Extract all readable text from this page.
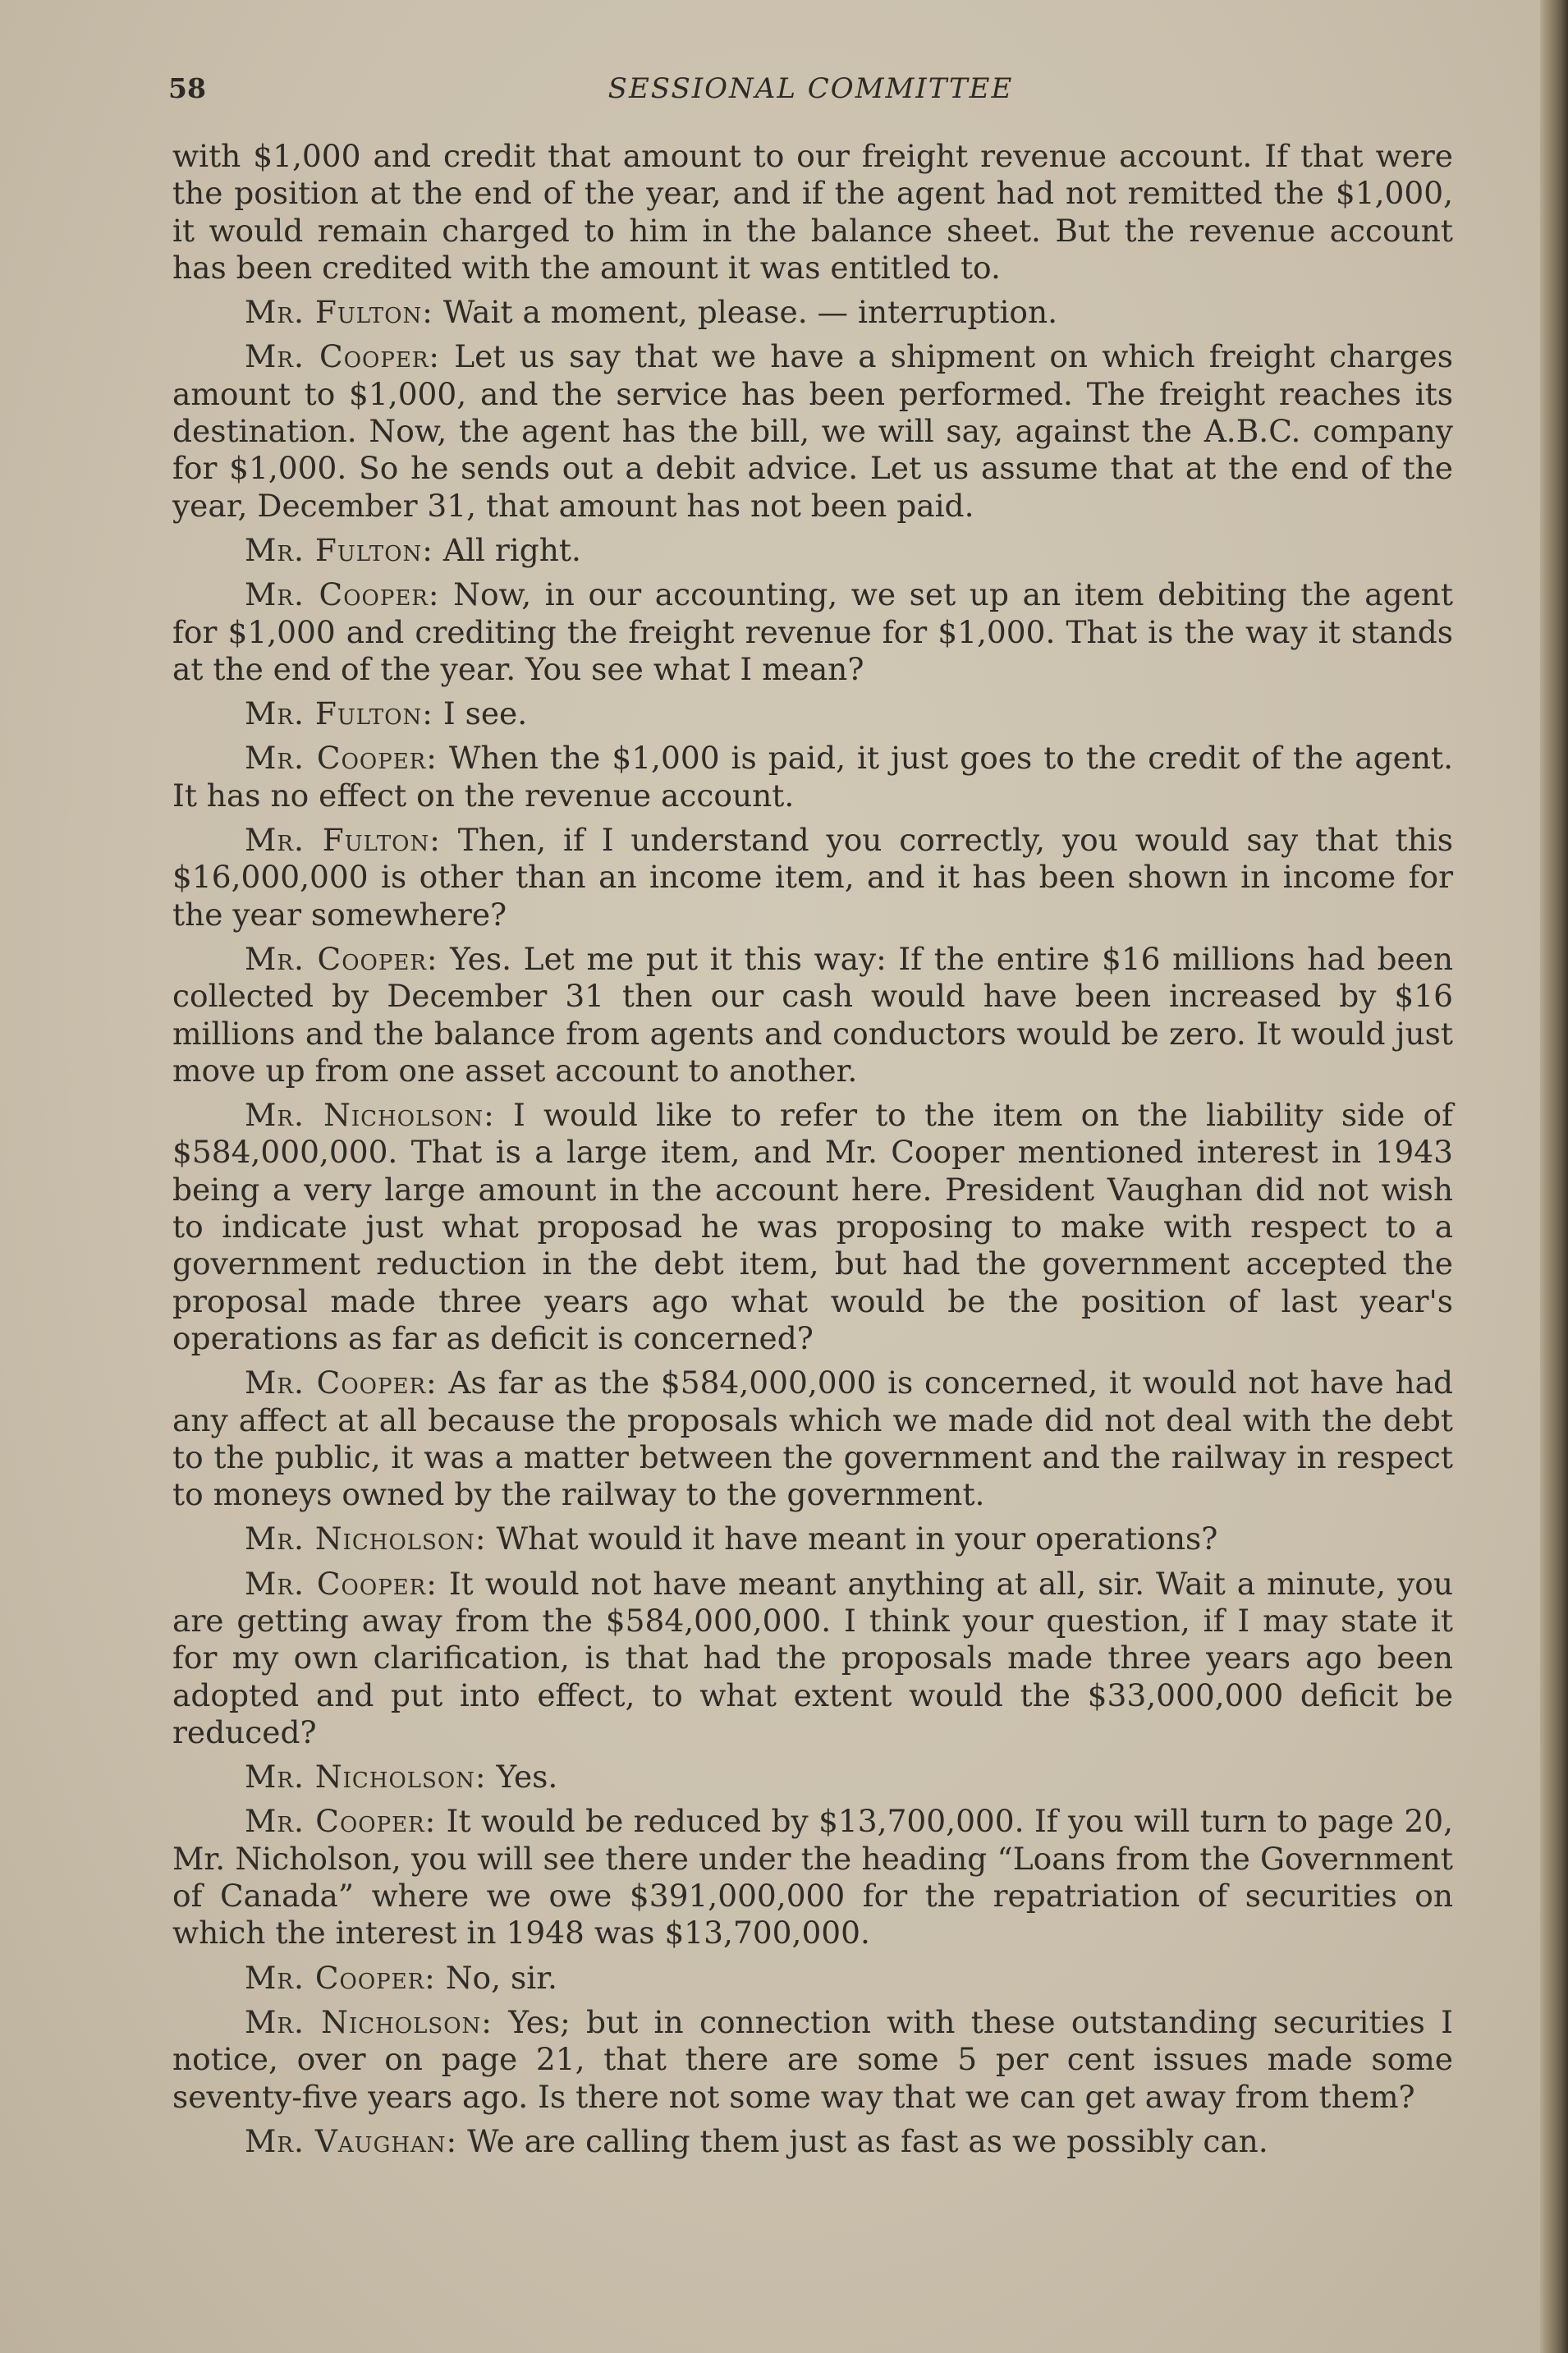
58	SESSIONAL COMMITTEE

with $1,000 and credit that amount to our freight revenue account. If that were the position at the end of the year, and if the agent had not remitted the $1,000, it would remain charged to him in the balance sheet. But the revenue account has been credited with the amount it was entitled to.

Mr. Fulton: Wait a moment, please. — interruption.

Mr. Cooper: Let us say that we have a shipment on which freight charges amount to $1,000, and the service has been performed. The freight reaches its destination. Now, the agent has the bill, we will say, against the A.B.C. company for $1,000. So he sends out a debit advice. Let us assume that at the end of the year, December 31, that amount has not been paid.

Mr. Fulton: All right.

Mr. Cooper: Now, in our accounting, we set up an item debiting the agent for $1,000 and crediting the freight revenue for $1,000. That is the way it stands at the end of the year. You see what I mean?

Mr. Fulton: I see.

Mr. Cooper: When the $1,000 is paid, it just goes to the credit of the agent. It has no effect on the revenue account.

Mr. Fulton: Then, if I understand you correctly, you would say that this $16,000,000 is other than an income item, and it has been shown in income for the year somewhere?

Mr. Cooper: Yes. Let me put it this way: If the entire $16 millions had been collected by December 31 then our cash would have been increased by $16 millions and the balance from agents and conductors would be zero. It would just move up from one asset account to another.

Mr. Nicholson: I would like to refer to the item on the liability side of $584,000,000. That is a large item, and Mr. Cooper mentioned interest in 1943 being a very large amount in the account here. President Vaughan did not wish to indicate just what proposad he was proposing to make with respect to a government reduction in the debt item, but had the government accepted the proposal made three years ago what would be the position of last year's operations as far as deficit is concerned?

Mr. Cooper: As far as the $584,000,000 is concerned, it would not have had any affect at all because the proposals which we made did not deal with the debt to the public, it was a matter between the government and the railway in respect to moneys owned by the railway to the government.

Mr. Nicholson: What would it have meant in your operations?

Mr. Cooper: It would not have meant anything at all, sir. Wait a minute, you are getting away from the $584,000,000. I think your question, if I may state it for my own clarification, is that had the proposals made three years ago been adopted and put into effect, to what extent would the $33,000,000 deficit be reduced?

Mr. Nicholson: Yes.

Mr. Cooper: It would be reduced by $13,700,000. If you will turn to page 20, Mr. Nicholson, you will see there under the heading “Loans from the Government of Canada” where we owe $391,000,000 for the repatriation of securities on which the interest in 1948 was $13,700,000.

Mr. Cooper: No, sir.

Mr. Nicholson: Yes; but in connection with these outstanding securities I notice, over on page 21, that there are some 5 per cent issues made some seventy-five years ago. Is there not some way that we can get away from them?

Mr. Vaughan: We are calling them just as fast as we possibly can.
